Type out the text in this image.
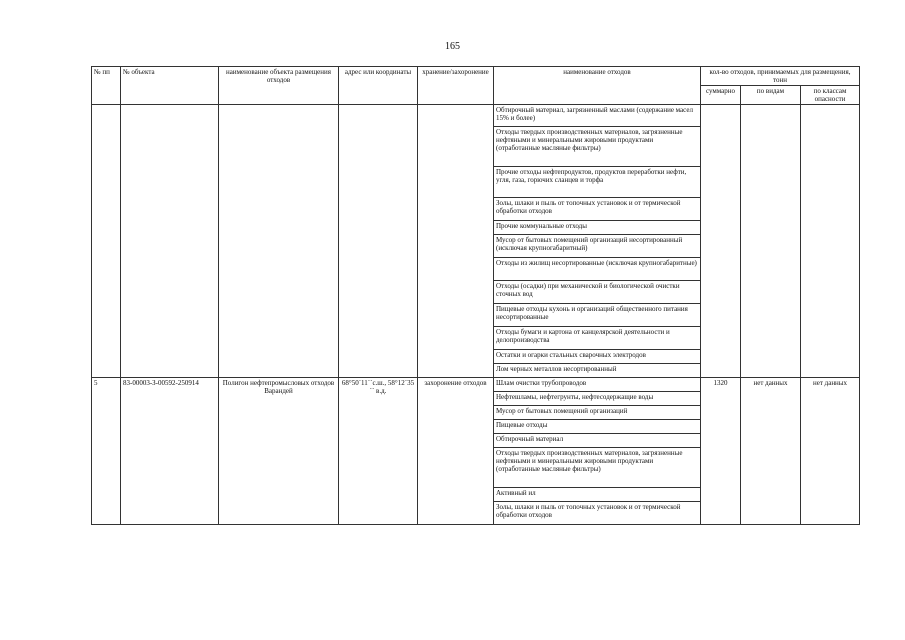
165
№ пп	№ объекта	наименование объекта размещения отходов	адрес или координаты	хранение/захоронение	наименование отходов	кол-во отходов, принимаемых для размещения, тонн		
						суммарно	по видам	по классам опасности
					Обтирочный материал, загрязненный маслами (содержание масел 15% и более)			
					Отходы твердых производственных материалов, загрязненные нефтяными и минеральными жировыми продуктами (отработанные масляные фильтры)			
					Прочие отходы нефтепродуктов, продуктов переработки нефти, угля, газа, горючих сланцев и торфа			
					Золы, шлаки и пыль от топочных установок и от термической обработки отходов			
					Прочие коммунальные отходы			
					Мусор от бытовых помещений организаций несортированный (исключая крупногабаритный)			
					Отходы из жилищ несортированные (исключая крупногабаритные)			
					Отходы (осадки) при механической и биологической очистки сточных вод			
					Пищевые отходы кухонь и организаций общественного питания несортированные			
					Отходы бумаги и картона от канцелярской деятельности и делопроизводства			
					Остатки и огарки стальных сварочных электродов			
					Лом черных металлов несортированный			
5	83-00003-З-00592-250914	Полигон нефтепромысловых отходов Варандей	68°50´11´´с.ш., 58°12´35´´ в.д.	захоронение отходов	Шлам очистки трубопроводов	1320	нет данных	нет данных
					Нефтешламы, нефтегрунты, нефтесодержащие воды			
					Мусор от бытовых помещений организаций			
					Пищевые отходы			
					Обтирочный материал			
					Отходы твердых производственных материалов, загрязненные нефтяными и минеральными жировыми продуктами (отработанные масляные фильтры)			
					Активный ил			
					Золы, шлаки и пыль от топочных установок и от термической обработки отходов			
